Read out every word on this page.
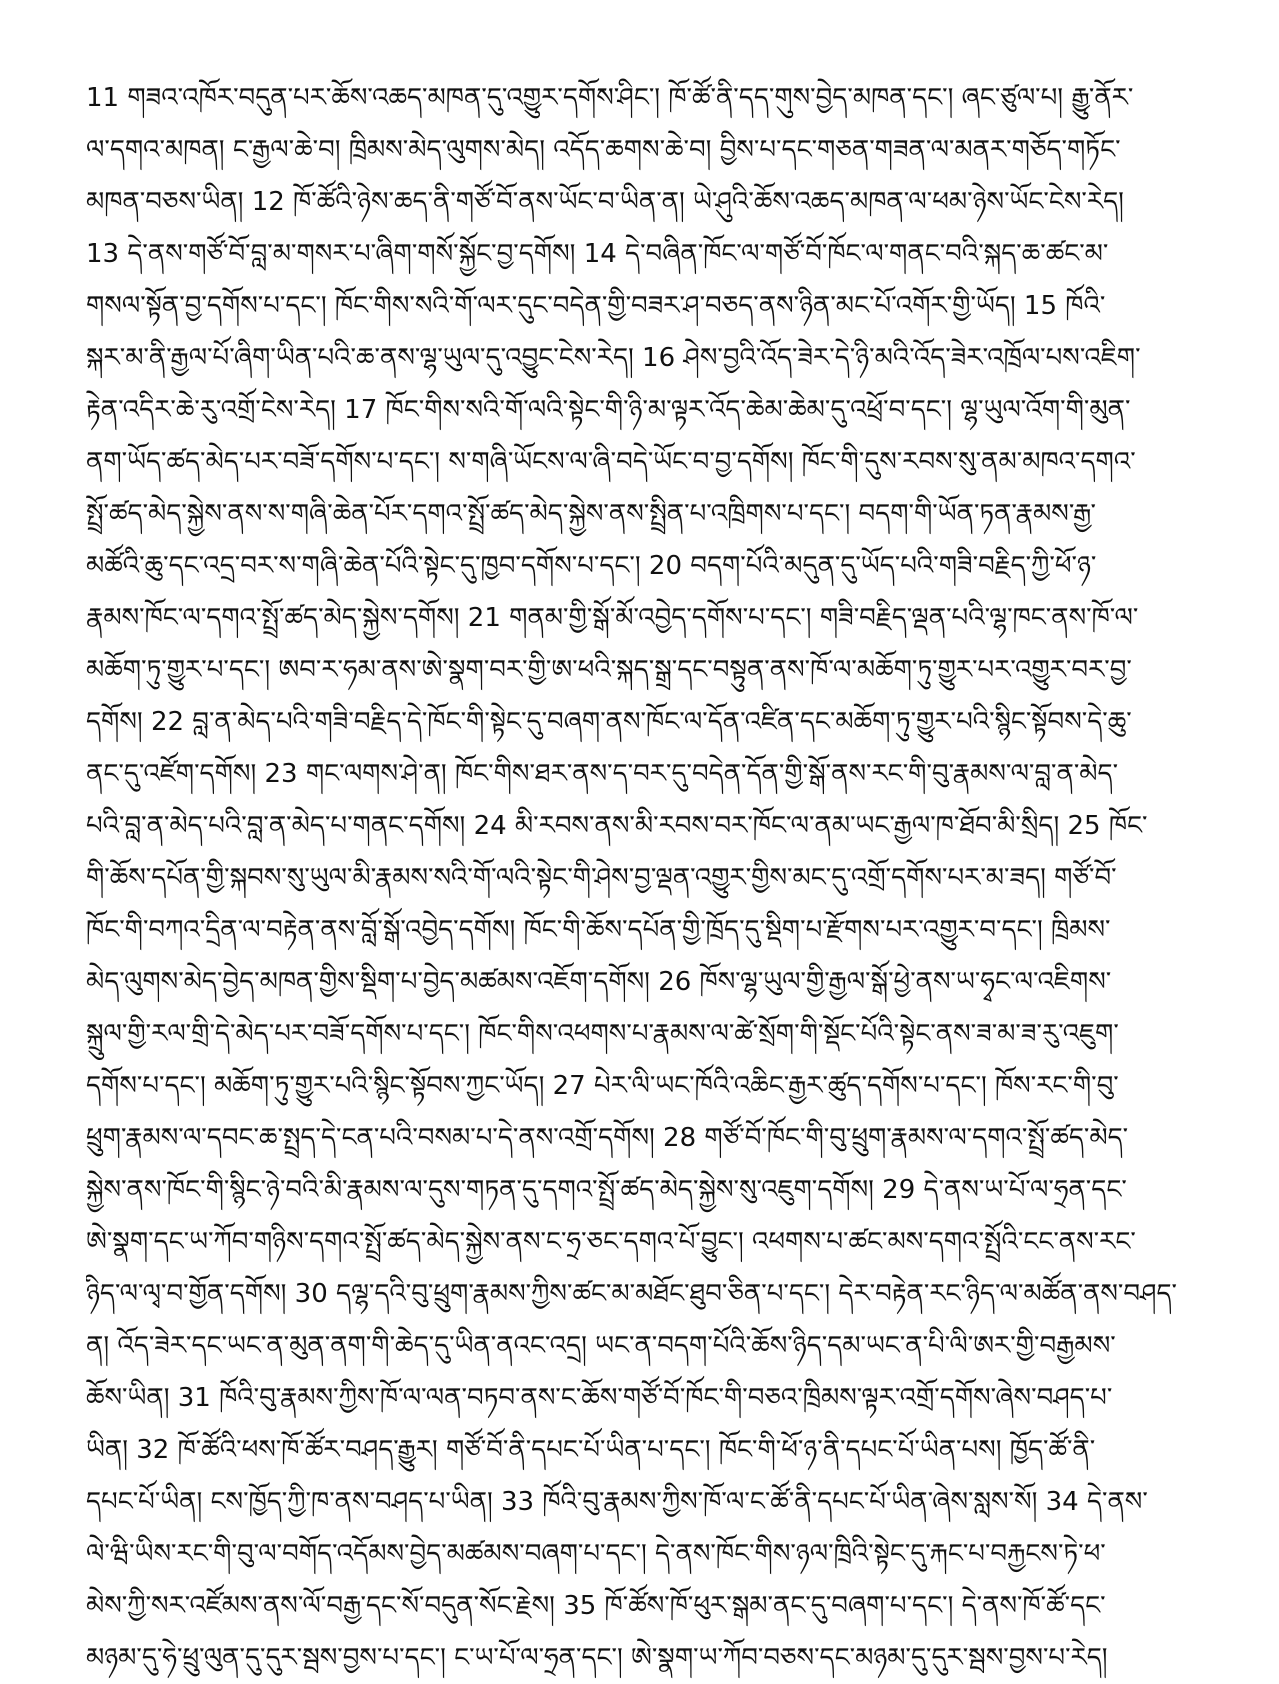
11 གཟའ་འཁོར་བདུན་པར་ཆོས་འཆད་མཁན་དུ་འགྱུར་དགོས་ཤིང་། ཁོ་ཚོ་ནི་དད་གུས་བྱེད་མཁན་དང་། ཞང་ཙུལ་པ། རྒྱུ་ནོར་
ལ་དགའ་མཁན། ང་རྒྱལ་ཆེ་བ། ཁྲིམས་མེད་ལུགས་མེད། འདོད་ཆགས་ཆེ་བ། བྱིས་པ་དང་གཅན་གཟན་ལ་མནར་གཅོད་གཏོང་
མཁན་བཅས་ཡིན། 12 ཁོ་ཚོའི་ཉེས་ཆད་ནི་གཙོ་བོ་ནས་ཡོང་བ་ཡིན་ན། ཡེ་ཤུའི་ཆོས་འཆད་མཁན་ལ་ཕམ་ཉེས་ཡོང་ངེས་རེད།
13 དེ་ནས་གཙོ་བོ་བླ་མ་གསར་པ་ཞིག་གསོ་སྐྱོང་བྱ་དགོས། 14 དེ་བཞིན་ཁོང་ལ་གཙོ་བོ་ཁོང་ལ་གནང་བའི་སྐད་ཆ་ཚང་མ་
གསལ་སྟོན་བྱ་དགོས་པ་དང་། ཁོང་གིས་སའི་གོ་ལར་དུང་བདེན་གྱི་བཟར་ཤ་བཅད་ནས་ཉིན་མང་པོ་འགོར་གྱི་ཡོད། 15 ཁོའི་
སྐར་མ་ནི་རྒྱལ་པོ་ཞིག་ཡིན་པའི་ཆ་ནས་ལྷ་ཡུལ་དུ་འབྱུང་ངེས་རེད། 16 ཤེས་བྱའི་འོད་ཟེར་དེ་ཉི་མའི་འོད་ཟེར་འཁྲོལ་པས་འཇིག་
རྟེན་འདིར་ཆེ་རུ་འགྲོ་ངེས་རེད། 17 ཁོང་གིས་སའི་གོ་ལའི་སྟེང་གི་ཉི་མ་ལྟར་འོད་ཆེམ་ཆེམ་དུ་འཕྲོ་བ་དང་། ལྷ་ཡུལ་འོག་གི་མུན་
ནག་ཡོད་ཚད་མེད་པར་བཟོ་དགོས་པ་དང་། ས་གཞི་ཡོངས་ལ་ཞི་བདེ་ཡོང་བ་བྱ་དགོས། ཁོང་གི་དུས་རབས་སུ་ནམ་མཁའ་དགའ་
སྤྲོ་ཚད་མེད་སྐྱེས་ནས་ས་གཞི་ཆེན་པོར་དགའ་སྤྲོ་ཚད་མེད་སྐྱེས་ནས་སྤྲིན་པ་འཁྲིགས་པ་དང་། བདག་གི་ཡོན་ཏན་རྣམས་རྒྱ་
མཚོའི་ཆུ་དང་འདྲ་བར་ས་གཞི་ཆེན་པོའི་སྟེང་དུ་ཁྱབ་དགོས་པ་དང་། 20 བདག་པོའི་མདུན་དུ་ཡོད་པའི་གཟི་བརྗིད་ཀྱི་ཕོ་ཉ་
རྣམས་ཁོང་ལ་དགའ་སྤྲོ་ཚད་མེད་སྐྱེས་དགོས། 21 གནམ་གྱི་སྒོ་མོ་འབྱེད་དགོས་པ་དང་། གཟི་བརྗིད་ལྡན་པའི་ལྷ་ཁང་ནས་ཁོ་ལ་
མཆོག་ཏུ་གྱུར་པ་དང་། ཨབ་ར་ཧམ་ནས་ཨེ་སྣག་བར་གྱི་ཨ་ཕའི་སྐད་སྒྲ་དང་བསྟུན་ནས་ཁོ་ལ་མཆོག་ཏུ་གྱུར་པར་འགྱུར་བར་བྱ་
དགོས། 22 བླ་ན་མེད་པའི་གཟི་བརྗིད་དེ་ཁོང་གི་སྟེང་དུ་བཞག་ནས་ཁོང་ལ་དོན་འཛིན་དང་མཆོག་ཏུ་གྱུར་པའི་སྙིང་སྟོབས་དེ་ཆུ་
ནང་དུ་འཛོག་དགོས། 23 གང་ལགས་ཤེ་ན། ཁོང་གིས་ཐར་ནས་ད་བར་དུ་བདེན་དོན་གྱི་སྒོ་ནས་རང་གི་བུ་རྣམས་ལ་བླ་ན་མེད་
པའི་བླ་ན་མེད་པའི་བླ་ན་མེད་པ་གནང་དགོས། 24 མི་རབས་ནས་མི་རབས་བར་ཁོང་ལ་ནམ་ཡང་རྒྱལ་ཁ་ཐོབ་མི་སྲིད། 25 ཁོང་
གི་ཆོས་དཔོན་གྱི་སྐབས་སུ་ཡུལ་མི་རྣམས་སའི་གོ་ལའི་སྟེང་གི་ཤེས་བྱ་ལྡན་འགྱུར་གྱིས་མང་དུ་འགྲོ་དགོས་པར་མ་ཟད། གཙོ་བོ་
ཁོང་གི་བཀའ་དྲིན་ལ་བརྟེན་ནས་བློ་སྒོ་འབྱེད་དགོས། ཁོང་གི་ཆོས་དཔོན་གྱི་ཁྲོད་དུ་སྡིག་པ་རྫོགས་པར་འགྱུར་བ་དང་། ཁྲིམས་
མེད་ལུགས་མེད་བྱེད་མཁན་གྱིས་སྡིག་པ་བྱེད་མཚམས་འཇོག་དགོས། 26 ཁོས་ལྷ་ཡུལ་གྱི་རྒྱལ་སྒོ་ཕྱེ་ནས་ཡ་ཧྭང་ལ་འཇིགས་
སྐྲུལ་གྱི་རལ་གྲི་དེ་མེད་པར་བཟོ་དགོས་པ་དང་། ཁོང་གིས་འཕགས་པ་རྣམས་ལ་ཚེ་སྲོག་གི་སྡོང་པོའི་སྟེང་ནས་ཟ་མ་ཟ་རུ་འཇུག་
དགོས་པ་དང་། མཆོག་ཏུ་གྱུར་པའི་སྙིང་སྟོབས་ཀྱང་ཡོད། 27 པེར་ལི་ཡང་ཁོའི་འཆིང་རྒྱར་ཚུད་དགོས་པ་དང་། ཁོས་རང་གི་བུ་
ཕྲུག་རྣམས་ལ་དབང་ཆ་སྤྲད་དེ་ངན་པའི་བསམ་པ་དེ་ནས་འགྲོ་དགོས། 28 གཙོ་བོ་ཁོང་གི་བུ་ཕྲུག་རྣམས་ལ་དགའ་སྤྲོ་ཚད་མེད་
སྐྱེས་ནས་ཁོང་གི་སྙིང་ཉེ་བའི་མི་རྣམས་ལ་དུས་གཏན་དུ་དགའ་སྤྲོ་ཚད་མེད་སྐྱེས་སུ་འཇུག་དགོས། 29 དེ་ནས་ཡ་པོ་ལ་ཧྲན་དང་
ཨེ་སྣག་དང་ཡ་ཀོབ་གཉིས་དགའ་སྤྲོ་ཚད་མེད་སྐྱེས་ནས་ང་ཧྲ་ཅང་དགའ་པོ་བྱུང་། འཕགས་པ་ཚང་མས་དགའ་སྤྲོའི་ངང་ནས་རང་
ཉིད་ལ་ལྭ་བ་གྱོན་དགོས། 30 དལྷ་དའི་བུ་ཕྲུག་རྣམས་ཀྱིས་ཚང་མ་མཐོང་ཐུབ་ཅིན་པ་དང་། དེར་བརྟེན་རང་ཉིད་ལ་མཚོན་ནས་བཤད་
ན། འོད་ཟེར་དང་ཡང་ན་མུན་ནག་གི་ཆེད་དུ་ཡིན་ནའང་འདྲ། ཡང་ན་བདག་པོའི་ཆོས་ཉིད་དམ་ཡང་ན་པི་ལི་ཨར་གྱི་བརྒྱམས་
ཆོས་ཡིན། 31 ཁོའི་བུ་རྣམས་ཀྱིས་ཁོ་ལ་ལན་བཏབ་ནས་ང་ཆོས་གཙོ་བོ་ཁོང་གི་བཅའ་ཁྲིམས་ལྟར་འགྲོ་དགོས་ཞེས་བཤད་པ་
ཡིན། 32 ཁོ་ཚོའི་ཕས་ཁོ་ཚོར་བཤད་རྒྱུར། གཙོ་བོ་ནི་དཔང་པོ་ཡིན་པ་དང་། ཁོང་གི་ཕོ་ཉ་ནི་དཔང་པོ་ཡིན་པས། ཁྱོད་ཚོ་ནི་
དཔང་པོ་ཡིན། ངས་ཁྱོད་ཀྱི་ཁ་ནས་བཤད་པ་ཡིན། 33 ཁོའི་བུ་རྣམས་ཀྱིས་ཁོ་ལ་ང་ཚོ་ནི་དཔང་པོ་ཡིན་ཞེས་སླས་སོ། 34 དེ་ནས་
ལེ་ཝི་ཡིས་རང་གི་བུ་ལ་བགོད་འདོམས་བྱེད་མཚམས་བཞག་པ་དང་། དེ་ནས་ཁོང་གིས་ཉལ་ཁྲིའི་སྟེང་དུ་རྐང་པ་བརྐྱངས་ཏེ་ཕ་
མེས་ཀྱི་སར་འཛོམས་ནས་ལོ་བརྒྱ་དང་སོ་བདུན་སོང་རྗེས། 35 ཁོ་ཚོས་ཁོ་ཕུར་སྒམ་ནང་དུ་བཞག་པ་དང་། དེ་ནས་ཁོ་ཚོ་དང་
མཉམ་དུ་ཧེ་ཕྲུ་ལུན་དུ་དུར་སྦས་བྱས་པ་དང་། ང་ཡ་པོ་ལ་ཧྲན་དང་། ཨེ་སྣག་ཡ་ཀོབ་བཅས་དང་མཉམ་དུ་དུར་སྦས་བྱས་པ་རེད།
